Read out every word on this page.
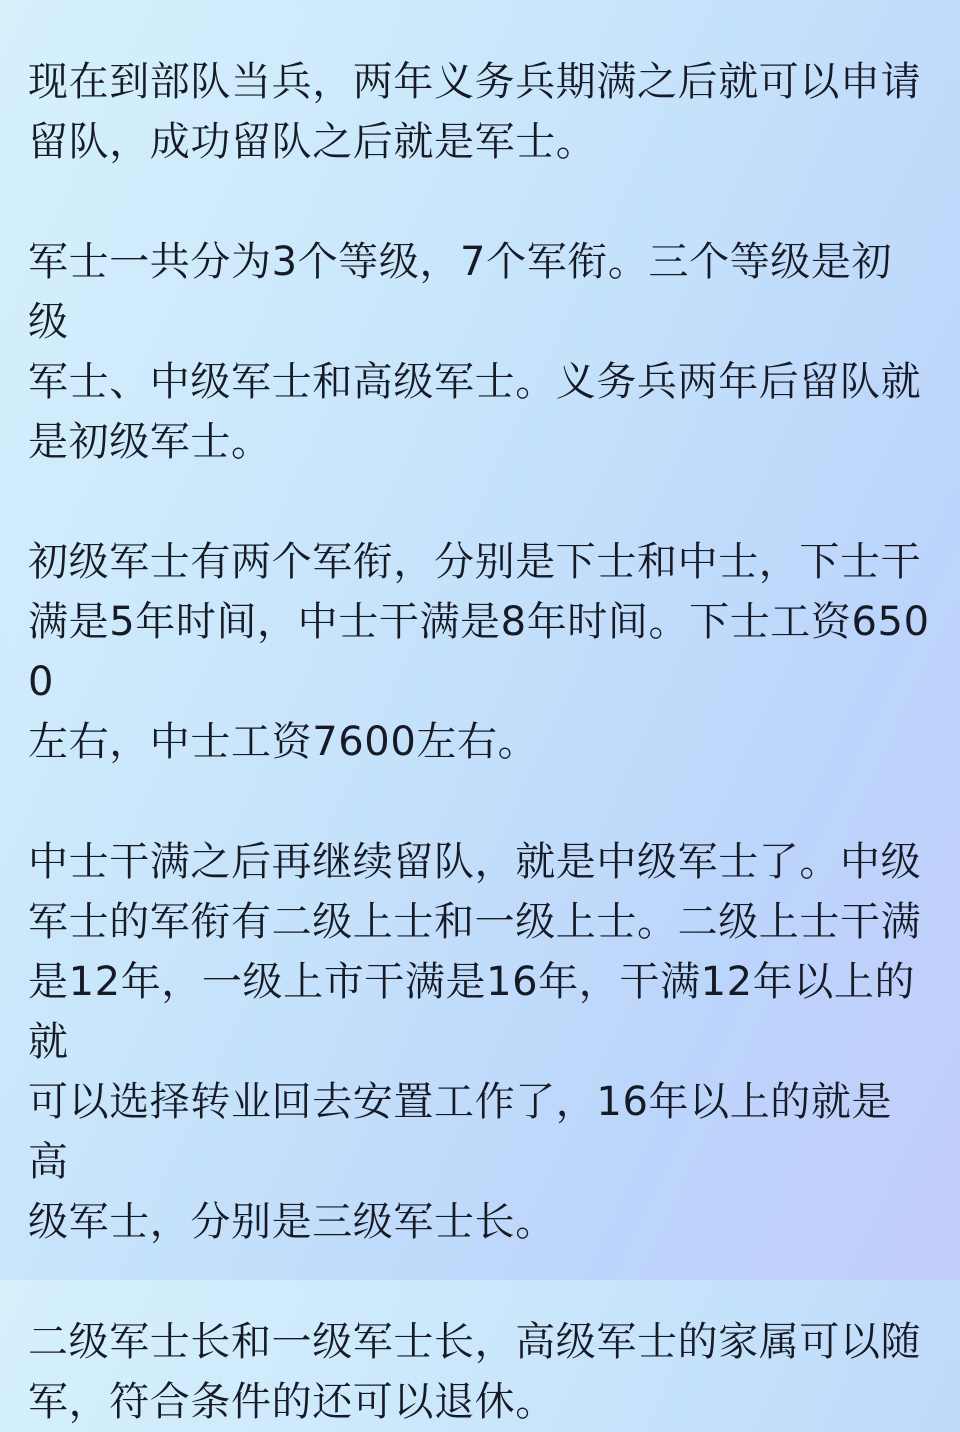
现在到部队当兵，两年义务兵期满之后就可以申请
留队，成功留队之后就是军士。

军士一共分为3个等级，7个军衔。三个等级是初级
军士、中级军士和高级军士。义务兵两年后留队就
是初级军士。

初级军士有两个军衔，分别是下士和中士，下士干
满是5年时间，中士干满是8年时间。下士工资6500
左右，中士工资7600左右。

中士干满之后再继续留队，就是中级军士了。中级
军士的军衔有二级上士和一级上士。二级上士干满
是12年，一级上市干满是16年，干满12年以上的就
可以选择转业回去安置工作了，16年以上的就是高
级军士，分别是三级军士长。

二级军士长和一级军士长，高级军士的家属可以随
军，符合条件的还可以退休。
